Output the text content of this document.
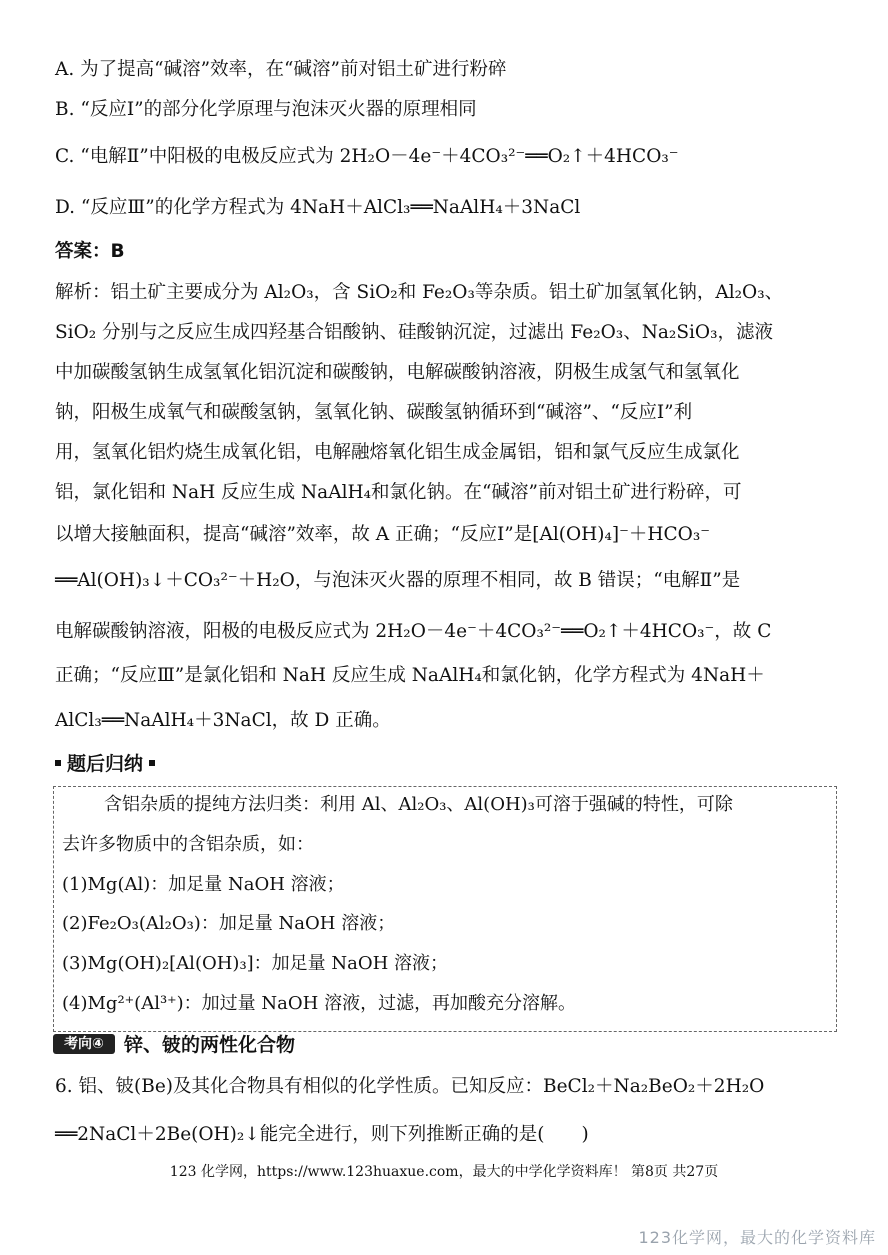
A. 为了提高“碱溶”效率，在“碱溶”前对铝土矿进行粉碎
B. “反应Ⅰ”的部分化学原理与泡沫灭火器的原理相同
C. “电解Ⅱ”中阳极的电极反应式为 2H₂O－4e⁻＋4CO₃²⁻══O₂↑＋4HCO₃⁻
D. “反应Ⅲ”的化学方程式为 4NaH＋AlCl₃══NaAlH₄＋3NaCl
答案：B
解析：铝土矿主要成分为 Al₂O₃，含 SiO₂和 Fe₂O₃等杂质。铝土矿加氢氧化钠，Al₂O₃、
SiO₂ 分别与之反应生成四羟基合铝酸钠、硅酸钠沉淀，过滤出 Fe₂O₃、Na₂SiO₃，滤液
中加碳酸氢钠生成氢氧化铝沉淀和碳酸钠，电解碳酸钠溶液，阴极生成氢气和氢氧化
钠，阳极生成氧气和碳酸氢钠，氢氧化钠、碳酸氢钠循环到“碱溶”、“反应Ⅰ”利
用，氢氧化铝灼烧生成氧化铝，电解融熔氧化铝生成金属铝，铝和氯气反应生成氯化
铝，氯化铝和 NaH 反应生成 NaAlH₄和氯化钠。在“碱溶”前对铝土矿进行粉碎，可
以增大接触面积，提高“碱溶”效率，故 A 正确；“反应Ⅰ”是[Al(OH)₄]⁻＋HCO₃⁻
══Al(OH)₃↓＋CO₃²⁻＋H₂O，与泡沫灭火器的原理不相同，故 B 错误；“电解Ⅱ”是
电解碳酸钠溶液，阳极的电极反应式为 2H₂O－4e⁻＋4CO₃²⁻══O₂↑＋4HCO₃⁻，故 C
正确；“反应Ⅲ”是氯化铝和 NaH 反应生成 NaAlH₄和氯化钠，化学方程式为 4NaH＋
AlCl₃══NaAlH₄＋3NaCl，故 D 正确。
题后归纳
含铝杂质的提纯方法归类：利用 Al、Al₂O₃、Al(OH)₃可溶于强碱的特性，可除
去许多物质中的含铝杂质，如：
(1)Mg(Al)：加足量 NaOH 溶液；
(2)Fe₂O₃(Al₂O₃)：加足量 NaOH 溶液；
(3)Mg(OH)₂[Al(OH)₃]：加足量 NaOH 溶液；
(4)Mg²⁺(Al³⁺)：加过量 NaOH 溶液，过滤，再加酸充分溶解。
考向④	锌、铍的两性化合物
6. 铝、铍(Be)及其化合物具有相似的化学性质。已知反应：BeCl₂＋Na₂BeO₂＋2H₂O
══2NaCl＋2Be(OH)₂↓能完全进行，则下列推断正确的是(　　)
123 化学网，https://www.123huaxue.com，最大的中学化学资料库！ 第8页 共27页
123化学网，最大的化学资料库
